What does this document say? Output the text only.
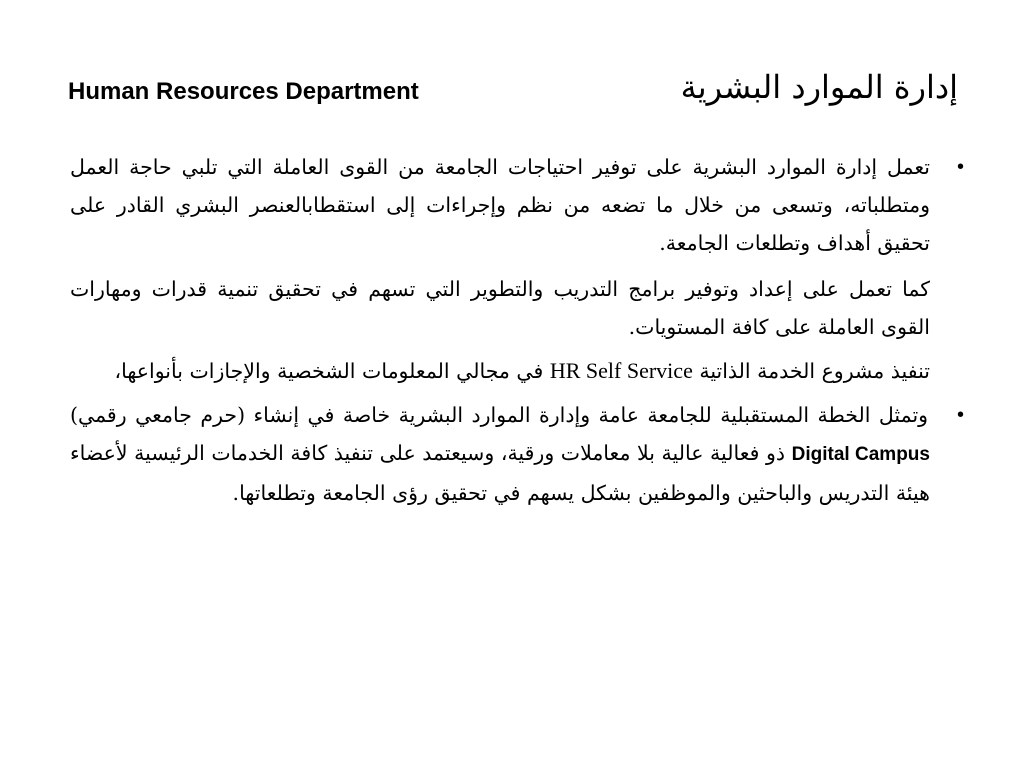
Human Resources Department	إدارة الموارد البشرية
•
تعمل إدارة الموارد البشرية على توفير احتياجات الجامعة من القوى العاملة التي تلبي حاجة العمل ومتطلباته، وتسعى من خلال ما تضعه من نظم وإجراءات إلى استقطابالعنصر البشري القادر على تحقيق أهداف وتطلعات الجامعة.
كما تعمل على إعداد وتوفير برامج التدريب والتطوير التي تسهم في تحقيق تنمية قدرات ومهارات القوى العاملة على كافة المستويات.
تنفيذ مشروع الخدمة الذاتية HR Self Service في مجالي المعلومات الشخصية والإجازات بأنواعها،
•
وتمثل الخطة المستقبلية للجامعة عامة وإدارة الموارد البشرية خاصة في إنشاء (حرم جامعي رقمي) Digital Campus ذو فعالية عالية بلا معاملات ورقية، وسيعتمد على تنفيذ كافة الخدمات الرئيسية لأعضاء هيئة التدريس والباحثين والموظفين بشكل يسهم في تحقيق رؤى الجامعة وتطلعاتها.
